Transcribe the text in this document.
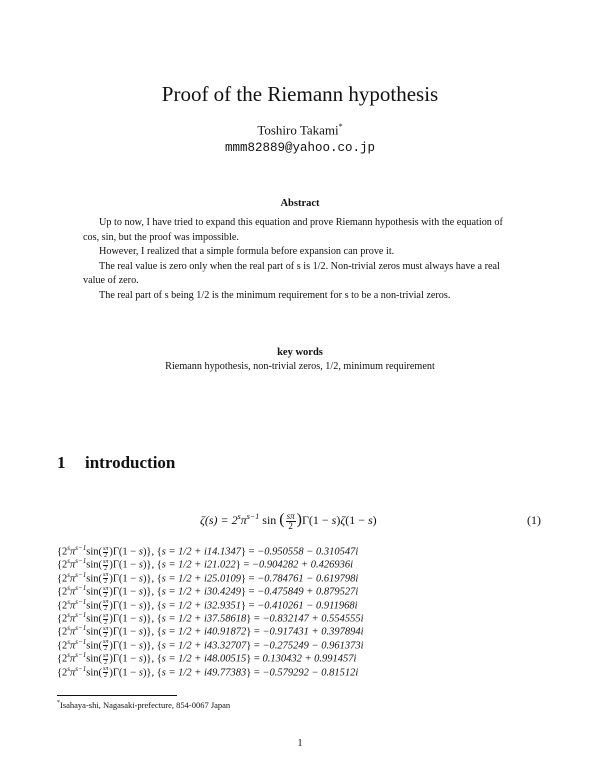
Proof of the Riemann hypothesis
Toshiro Takami*
mmm82889@yahoo.co.jp
Abstract

Up to now, I have tried to expand this equation and prove Riemann hypothesis with the equation of cos, sin, but the proof was impossible.

However, I realized that a simple formula before expansion can prove it.

The real value is zero only when the real part of s is 1/2. Non-trivial zeros must always have a real value of zero.

The real part of s being 1/2 is the minimum requirement for s to be a non-trivial zeros.

key words
Riemann hypothesis, non-trivial zeros, 1/2, minimum requirement
1 introduction
$\zeta(s) = 2^s\pi^{s-1}$ sin ( $\frac{s\pi}{2} )\Gamma(1 - s)\zeta(1 - s)$	(1)
$\{2^s\pi^{s-1}\sin( \frac{s\pi}{2} )\Gamma(1 - s)\}$, {s = 1/2 + i14.1347} = −0.950558 − 0.310547i
$\{2^s\pi^{s-1}\sin( \frac{s\pi}{2} )\Gamma(1 - s)\}$, {s = 1/2 + i21.022} = −0.904282 + 0.426936i
$\{2^s\pi^{s-1}\sin( \frac{s\pi}{2} )\Gamma(1 - s)\}$, {s = 1/2 + i25.0109} = −0.784761 − 0.619798i
$\{2^s\pi^{s-1}\sin( \frac{s\pi}{2} )\Gamma(1 - s)\}$, {s = 1/2 + i30.4249} = −0.475849 + 0.879527i
$\{2^s\pi^{s-1}\sin( \frac{s\pi}{2} )\Gamma(1 - s)\}$, {s = 1/2 + i32.9351} = −0.410261 − 0.911968i
$\{2^s\pi^{s-1}\sin( \frac{s\pi}{2} )\Gamma(1 - s)\}$, {s = 1/2 + i37.58618} = −0.832147 + 0.554555i
$\{2^s\pi^{s-1}\sin( \frac{s\pi}{2} )\Gamma(1 - s)\}$, {s = 1/2 + i40.91872} = −0.917431 + 0.397894i
$\{2^s\pi^{s-1}\sin( \frac{s\pi}{2} )\Gamma(1 - s)\}$, {s = 1/2 + i43.32707} = −0.275249 − 0.961373i
$\{2^s\pi^{s-1}\sin( \frac{s\pi}{2} )\Gamma(1 - s)\}$, {s = 1/2 + i48.00515} = 0.130432 + 0.991457i
$\{2^s\pi^{s-1}\sin( \frac{s\pi}{2} )\Gamma(1 - s)\}$, {s = 1/2 + i49.77383} = −0.579292 − 0.81512i
*Isahaya-shi, Nagasaki-prefecture, 854-0067 Japan
1
